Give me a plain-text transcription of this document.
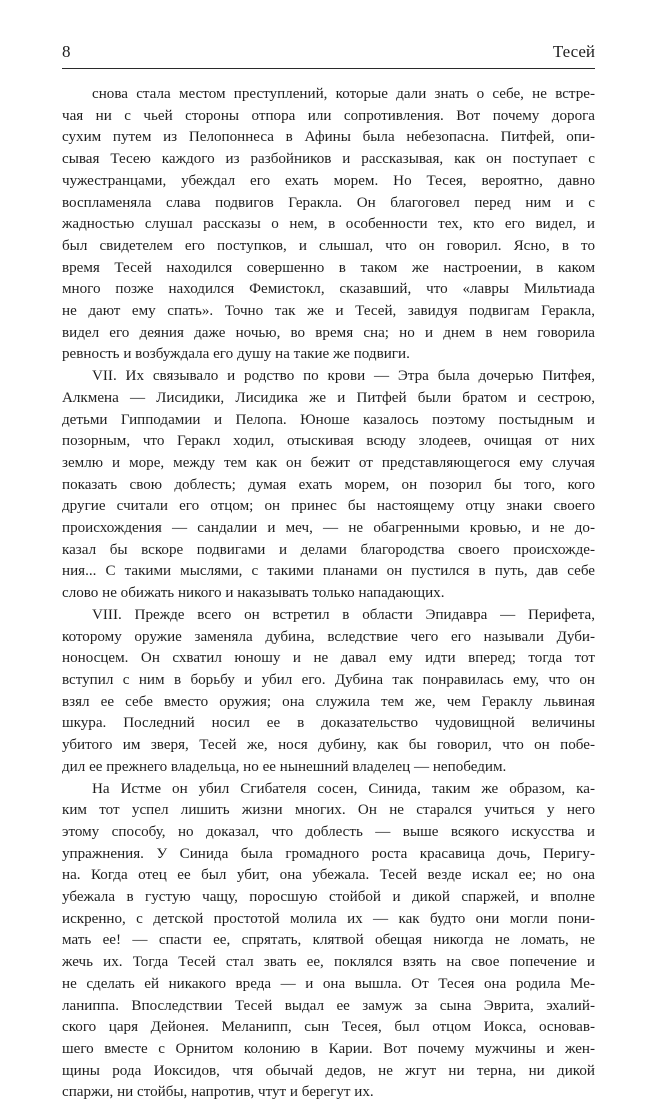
8	Тесей

снова стала местом преступлений, которые дали знать о себе, не встре-
чая ни с чьей стороны отпора или сопротивления. Вот почему дорога
сухим путем из Пелопоннеса в Афины была небезопасна. Питфей, опи-
сывая Тесею каждого из разбойников и рассказывая, как он поступает с
чужестранцами, убеждал его ехать морем. Но Тесея, вероятно, давно
воспламеняла слава подвигов Геракла. Он благоговел перед ним и с
жадностью слушал рассказы о нем, в особенности тех, кто его видел, и
был свидетелем его поступков, и слышал, что он говорил. Ясно, в то
время Тесей находился совершенно в таком же настроении, в каком
много позже находился Фемистокл, сказавший, что «лавры Мильтиада
не дают ему спать». Точно так же и Тесей, завидуя подвигам Геракла,
видел его деяния даже ночью, во время сна; но и днем в нем говорила
ревность и возбуждала его душу на такие же подвиги.

VII. Их связывало и родство по крови — Этра была дочерью Питфея,
Алкмена — Лисидики, Лисидика же и Питфей были братом и сестрою,
детьми Гипподамии и Пелопа. Юноше казалось поэтому постыдным и
позорным, что Геракл ходил, отыскивая всюду злодеев, очищая от них
землю и море, между тем как он бежит от представляющегося ему случая
показать свою доблесть; думая ехать морем, он позорил бы того, кого
другие считали его отцом; он принес бы настоящему отцу знаки своего
происхождения — сандалии и меч, — не обагренными кровью, и не до-
казал бы вскоре подвигами и делами благородства своего происхожде-
ния... С такими мыслями, с такими планами он пустился в путь, дав себе
слово не обижать никого и наказывать только нападающих.

VIII. Прежде всего он встретил в области Эпидавра — Перифета,
которому оружие заменяла дубина, вследствие чего его называли Дуби-
ноносцем. Он схватил юношу и не давал ему идти вперед; тогда тот
вступил с ним в борьбу и убил его. Дубина так понравилась ему, что он
взял ее себе вместо оружия; она служила тем же, чем Гераклу львиная
шкура. Последний носил ее в доказательство чудовищной величины
убитого им зверя, Тесей же, нося дубину, как бы говорил, что он побе-
дил ее прежнего владельца, но ее нынешний владелец — непобедим.

На Истме он убил Сгибателя сосен, Синида, таким же образом, ка-
ким тот успел лишить жизни многих. Он не старался учиться у него
этому способу, но доказал, что доблесть — выше всякого искусства и
упражнения. У Синида была громадного роста красавица дочь, Перигу-
на. Когда отец ее был убит, она убежала. Тесей везде искал ее; но она
убежала в густую чащу, поросшую стойбой и дикой спаржей, и вполне
искренно, с детской простотой молила их — как будто они могли пони-
мать ее! — спасти ее, спрятать, клятвой обещая никогда не ломать, не
жечь их. Тогда Тесей стал звать ее, поклялся взять на свое попечение и
не сделать ей никакого вреда — и она вышла. От Тесея она родила Ме-
ланиппа. Впоследствии Тесей выдал ее замуж за сына Эврита, эхалий-
ского царя Дейонея. Меланипп, сын Тесея, был отцом Иокса, основав-
шего вместе с Орнитом колонию в Карии. Вот почему мужчины и жен-
щины рода Иоксидов, чтя обычай дедов, не жгут ни терна, ни дикой
спаржи, ни стойбы, напротив, чтут и берегут их.
